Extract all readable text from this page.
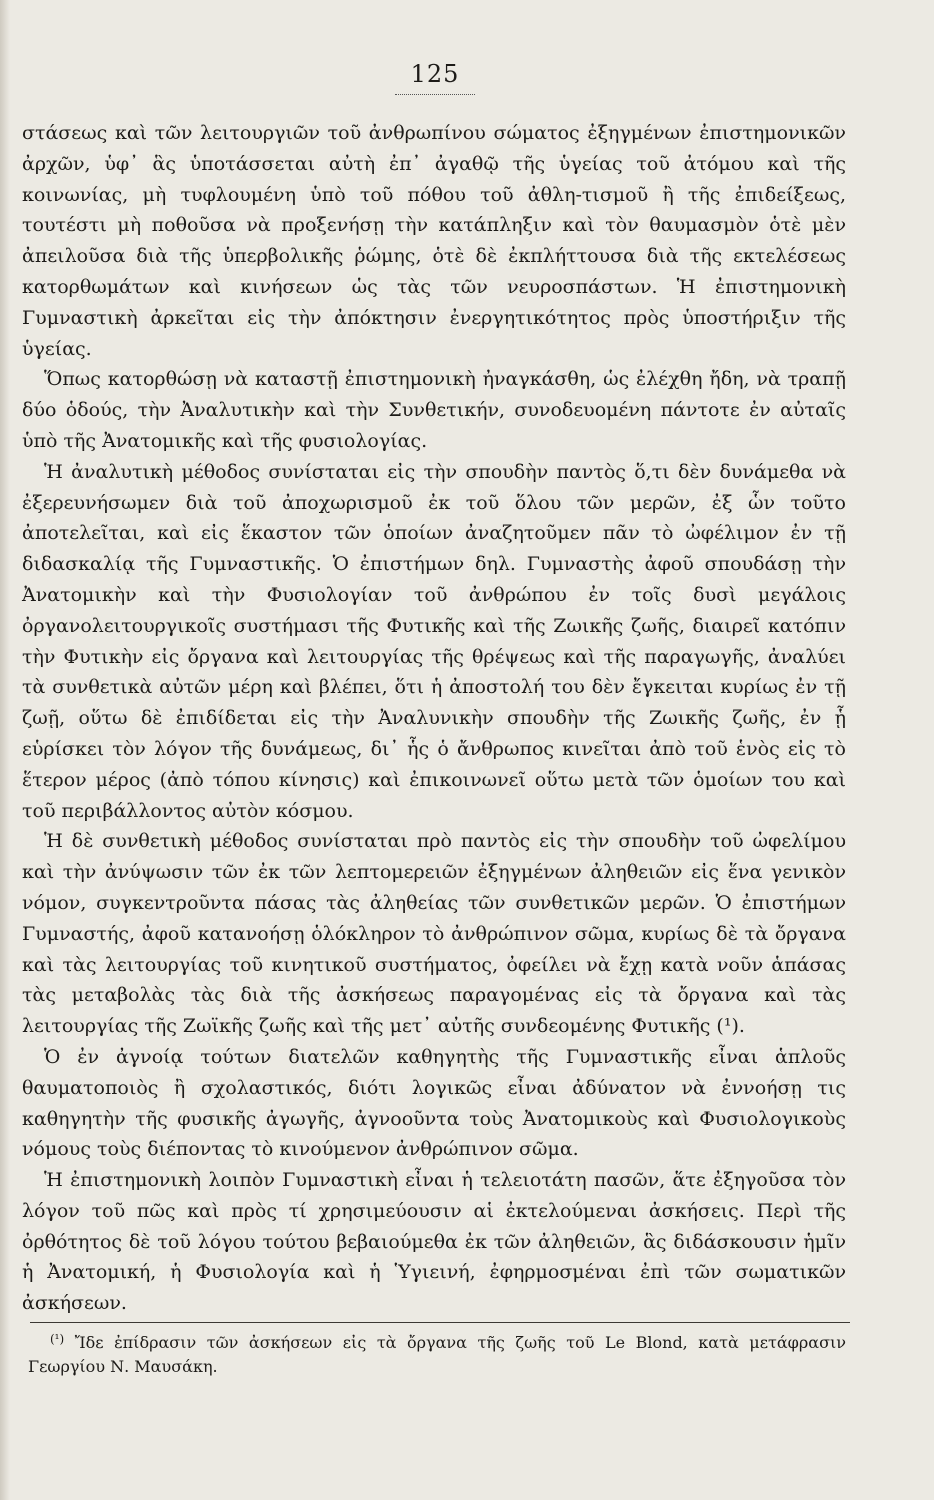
125

στάσεως καὶ τῶν λειτουργιῶν τοῦ ἀνθρωπίνου σώματος ἐξηγμένων ἐπιστημονικῶν ἀρχῶν, ὑφ᾽ ἃς ὑποτάσσεται αὐτὴ ἐπ᾽ ἀγαθῷ τῆς ὑγείας τοῦ ἀτόμου καὶ τῆς κοινωνίας, μὴ τυφλουμένη ὑπὸ τοῦ πόθου τοῦ ἀθλη-τισμοῦ ἢ τῆς ἐπιδείξεως, τουτέστι μὴ ποθοῦσα νὰ προξενήσῃ τὴν κατάπληξιν καὶ τὸν θαυμασμὸν ὁτὲ μὲν ἀπειλοῦσα διὰ τῆς ὑπερβολικῆς ῥώμης, ὁτὲ δὲ ἐκπλήττουσα διὰ τῆς εκτελέσεως κατορθωμάτων καὶ κινήσεων ὡς τὰς τῶν νευροσπάστων. Ἡ ἐπιστημονικὴ Γυμναστικὴ ἀρκεῖται εἰς τὴν ἀπόκτησιν ἐνεργητικότητος πρὸς ὑποστήριξιν τῆς ὑγείας.

Ὅπως κατορθώσῃ νὰ καταστῇ ἐπιστημονικὴ ἠναγκάσθη, ὡς ἐλέχθη ἤδη, νὰ τραπῇ δύο ὁδούς, τὴν Ἀναλυτικὴν καὶ τὴν Συνθετικήν, συνοδευομένη πάντοτε ἐν αὐταῖς ὑπὸ τῆς Ἀνατομικῆς καὶ τῆς φυσιολογίας.

Ἡ ἀναλυτικὴ μέθοδος συνίσταται εἰς τὴν σπουδὴν παντὸς ὅ,τι δὲν δυνάμεθα νὰ ἐξερευνήσωμεν διὰ τοῦ ἀποχωρισμοῦ ἐκ τοῦ ὅλου τῶν μερῶν, ἐξ ὧν τοῦτο ἀποτελεῖται, καὶ εἰς ἕκαστον τῶν ὁποίων ἀναζητοῦμεν πᾶν τὸ ὠφέλιμον ἐν τῇ διδασκαλίᾳ τῆς Γυμναστικῆς. Ὁ ἐπιστήμων δηλ. Γυμναστὴς ἀφοῦ σπουδάσῃ τὴν Ἀνατομικὴν καὶ τὴν Φυσιολογίαν τοῦ ἀνθρώπου ἐν τοῖς δυσὶ μεγάλοις ὀργανολειτουργικοῖς συστήμασι τῆς Φυτικῆς καὶ τῆς Ζωικῆς ζωῆς, διαιρεῖ κατόπιν τὴν Φυτικὴν εἰς ὄργανα καὶ λειτουργίας τῆς θρέψεως καὶ τῆς παραγωγῆς, ἀναλύει τὰ συνθετικὰ αὐτῶν μέρη καὶ βλέπει, ὅτι ἡ ἀποστολή του δὲν ἔγκειται κυρίως ἐν τῇ ζωῇ, οὕτω δὲ ἐπιδίδεται εἰς τὴν Ἀναλυνικὴν σπουδὴν τῆς Ζωικῆς ζωῆς, ἐν ᾗ εὑρίσκει τὸν λόγον τῆς δυνάμεως, δι᾽ ἧς ὁ ἄνθρωπος κινεῖται ἀπὸ τοῦ ἑνὸς εἰς τὸ ἕτερον μέρος (ἀπὸ τόπου κίνησις) καὶ ἐπικοινωνεῖ οὕτω μετὰ τῶν ὁμοίων του καὶ τοῦ περιβάλλοντος αὐτὸν κόσμου.

Ἡ δὲ συνθετικὴ μέθοδος συνίσταται πρὸ παντὸς εἰς τὴν σπουδὴν τοῦ ὠφελίμου καὶ τὴν ἀνύψωσιν τῶν ἐκ τῶν λεπτομερειῶν ἐξηγμένων ἀληθειῶν εἰς ἕνα γενικὸν νόμον, συγκεντροῦντα πάσας τὰς ἀληθείας τῶν συνθετικῶν μερῶν. Ὁ ἐπιστήμων Γυμναστής, ἀφοῦ κατανοήσῃ ὁλόκληρον τὸ ἀνθρώπινον σῶμα, κυρίως δὲ τὰ ὄργανα καὶ τὰς λειτουργίας τοῦ κινητικοῦ συστήματος, ὀφείλει νὰ ἔχῃ κατὰ νοῦν ἁπάσας τὰς μεταβολὰς τὰς διὰ τῆς ἀσκήσεως παραγομένας εἰς τὰ ὄργανα καὶ τὰς λειτουργίας τῆς Ζωϊκῆς ζωῆς καὶ τῆς μετ᾽ αὐτῆς συνδεομένης Φυτικῆς (¹).

Ὁ ἐν ἀγνοίᾳ τούτων διατελῶν καθηγητὴς τῆς Γυμναστικῆς εἶναι ἁπλοῦς θαυματοποιὸς ἢ σχολαστικός, διότι λογικῶς εἶναι ἀδύνατον νὰ ἐννοήσῃ τις καθηγητὴν τῆς φυσικῆς ἀγωγῆς, ἀγνοοῦντα τοὺς Ἀνατομικοὺς καὶ Φυσιολογικοὺς νόμους τοὺς διέποντας τὸ κινούμενον ἀνθρώπινον σῶμα.

Ἡ ἐπιστημονικὴ λοιπὸν Γυμναστικὴ εἶναι ἡ τελειοτάτη πασῶν, ἅτε ἐξηγοῦσα τὸν λόγον τοῦ πῶς καὶ πρὸς τί χρησιμεύουσιν αἱ ἐκτελούμεναι ἀσκήσεις. Περὶ τῆς ὀρθότητος δὲ τοῦ λόγου τούτου βεβαιούμεθα ἐκ τῶν ἀληθειῶν, ἃς διδάσκουσιν ἡμῖν ἡ Ἀνατομική, ἡ Φυσιολογία καὶ ἡ Ὑγιεινή, ἐφηρμοσμέναι ἐπὶ τῶν σωματικῶν ἀσκήσεων.

$^{(^1)}$ Ἴδε ἐπίδρασιν τῶν ἀσκήσεων εἰς τὰ ὄργανα τῆς ζωῆς τοῦ Le Blond, κατὰ μετάφρασιν Γεωργίου Ν. Μαυσάκη.
